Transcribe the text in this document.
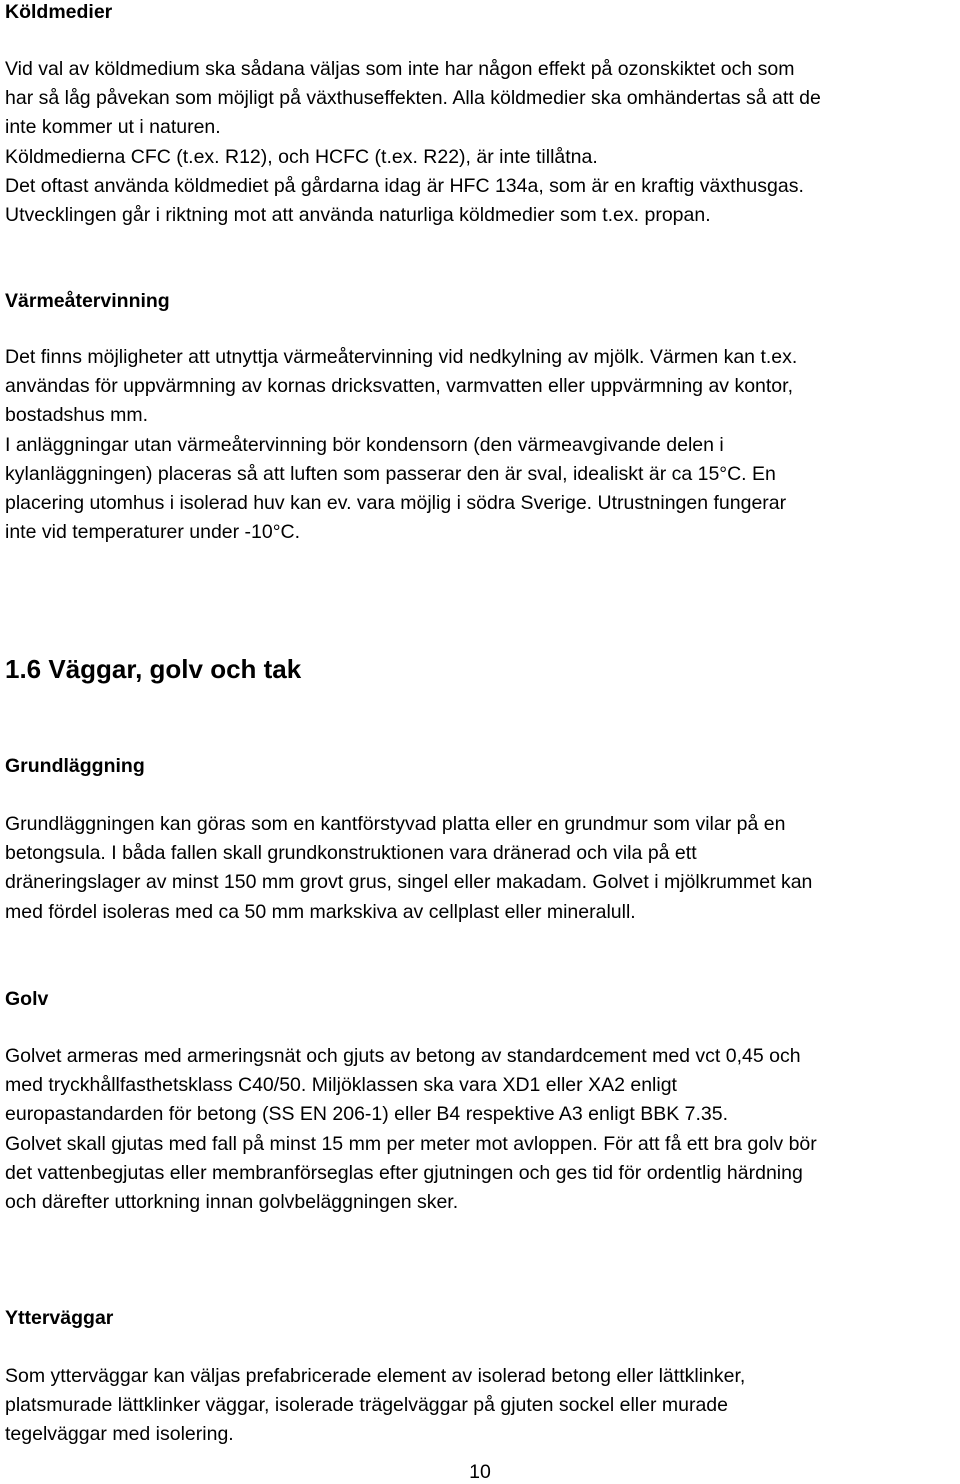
Köldmedier
Vid val av köldmedium ska sådana väljas som inte har någon effekt på ozonskiktet och som
har så låg påvekan som möjligt på växthuseffekten. Alla köldmedier ska omhändertas så att de
inte kommer ut i naturen.
Köldmedierna CFC (t.ex. R12), och HCFC (t.ex. R22), är inte tillåtna.
Det oftast använda köldmediet på gårdarna idag är HFC 134a, som är en kraftig växthusgas.
Utvecklingen går i riktning mot att använda naturliga köldmedier som t.ex. propan.
Värmeåtervinning
Det finns möjligheter att utnyttja värmeåtervinning vid nedkylning av mjölk. Värmen kan t.ex.
användas för uppvärmning av kornas dricksvatten, varmvatten eller uppvärmning av kontor,
bostadshus mm.
I anläggningar utan värmeåtervinning bör kondensorn (den värmeavgivande delen i
kylanläggningen) placeras så att luften som passerar den är sval, idealiskt är ca 15°C. En
placering utomhus i isolerad huv kan ev. vara möjlig i södra Sverige. Utrustningen fungerar
inte vid temperaturer under -10°C.
1.6 Väggar, golv och tak
Grundläggning
Grundläggningen kan göras som en kantförstyvad platta eller en grundmur som vilar på en
betongsula. I båda fallen skall grundkonstruktionen vara dränerad och vila på ett
dräneringslager av minst 150 mm grovt grus, singel eller makadam. Golvet i mjölkrummet kan
med fördel isoleras med ca 50 mm markskiva av cellplast eller mineralull.
Golv
Golvet armeras med armeringsnät och gjuts av betong av standardcement med vct 0,45 och
med tryckhållfasthetsklass C40/50. Miljöklassen ska vara XD1 eller XA2 enligt
europastandarden för betong (SS EN 206-1) eller B4 respektive A3 enligt BBK 7.35.
Golvet skall gjutas med fall på minst 15 mm per meter mot avloppen. För att få ett bra golv bör
det vattenbegjutas eller membranförseglas efter gjutningen och ges tid för ordentlig härdning
och därefter uttorkning innan golvbeläggningen sker.
Ytterväggar
Som ytterväggar kan väljas prefabricerade element av isolerad betong eller lättklinker,
platsmurade lättklinker väggar, isolerade trägelväggar på gjuten sockel eller murade
tegelväggar med isolering.
10
